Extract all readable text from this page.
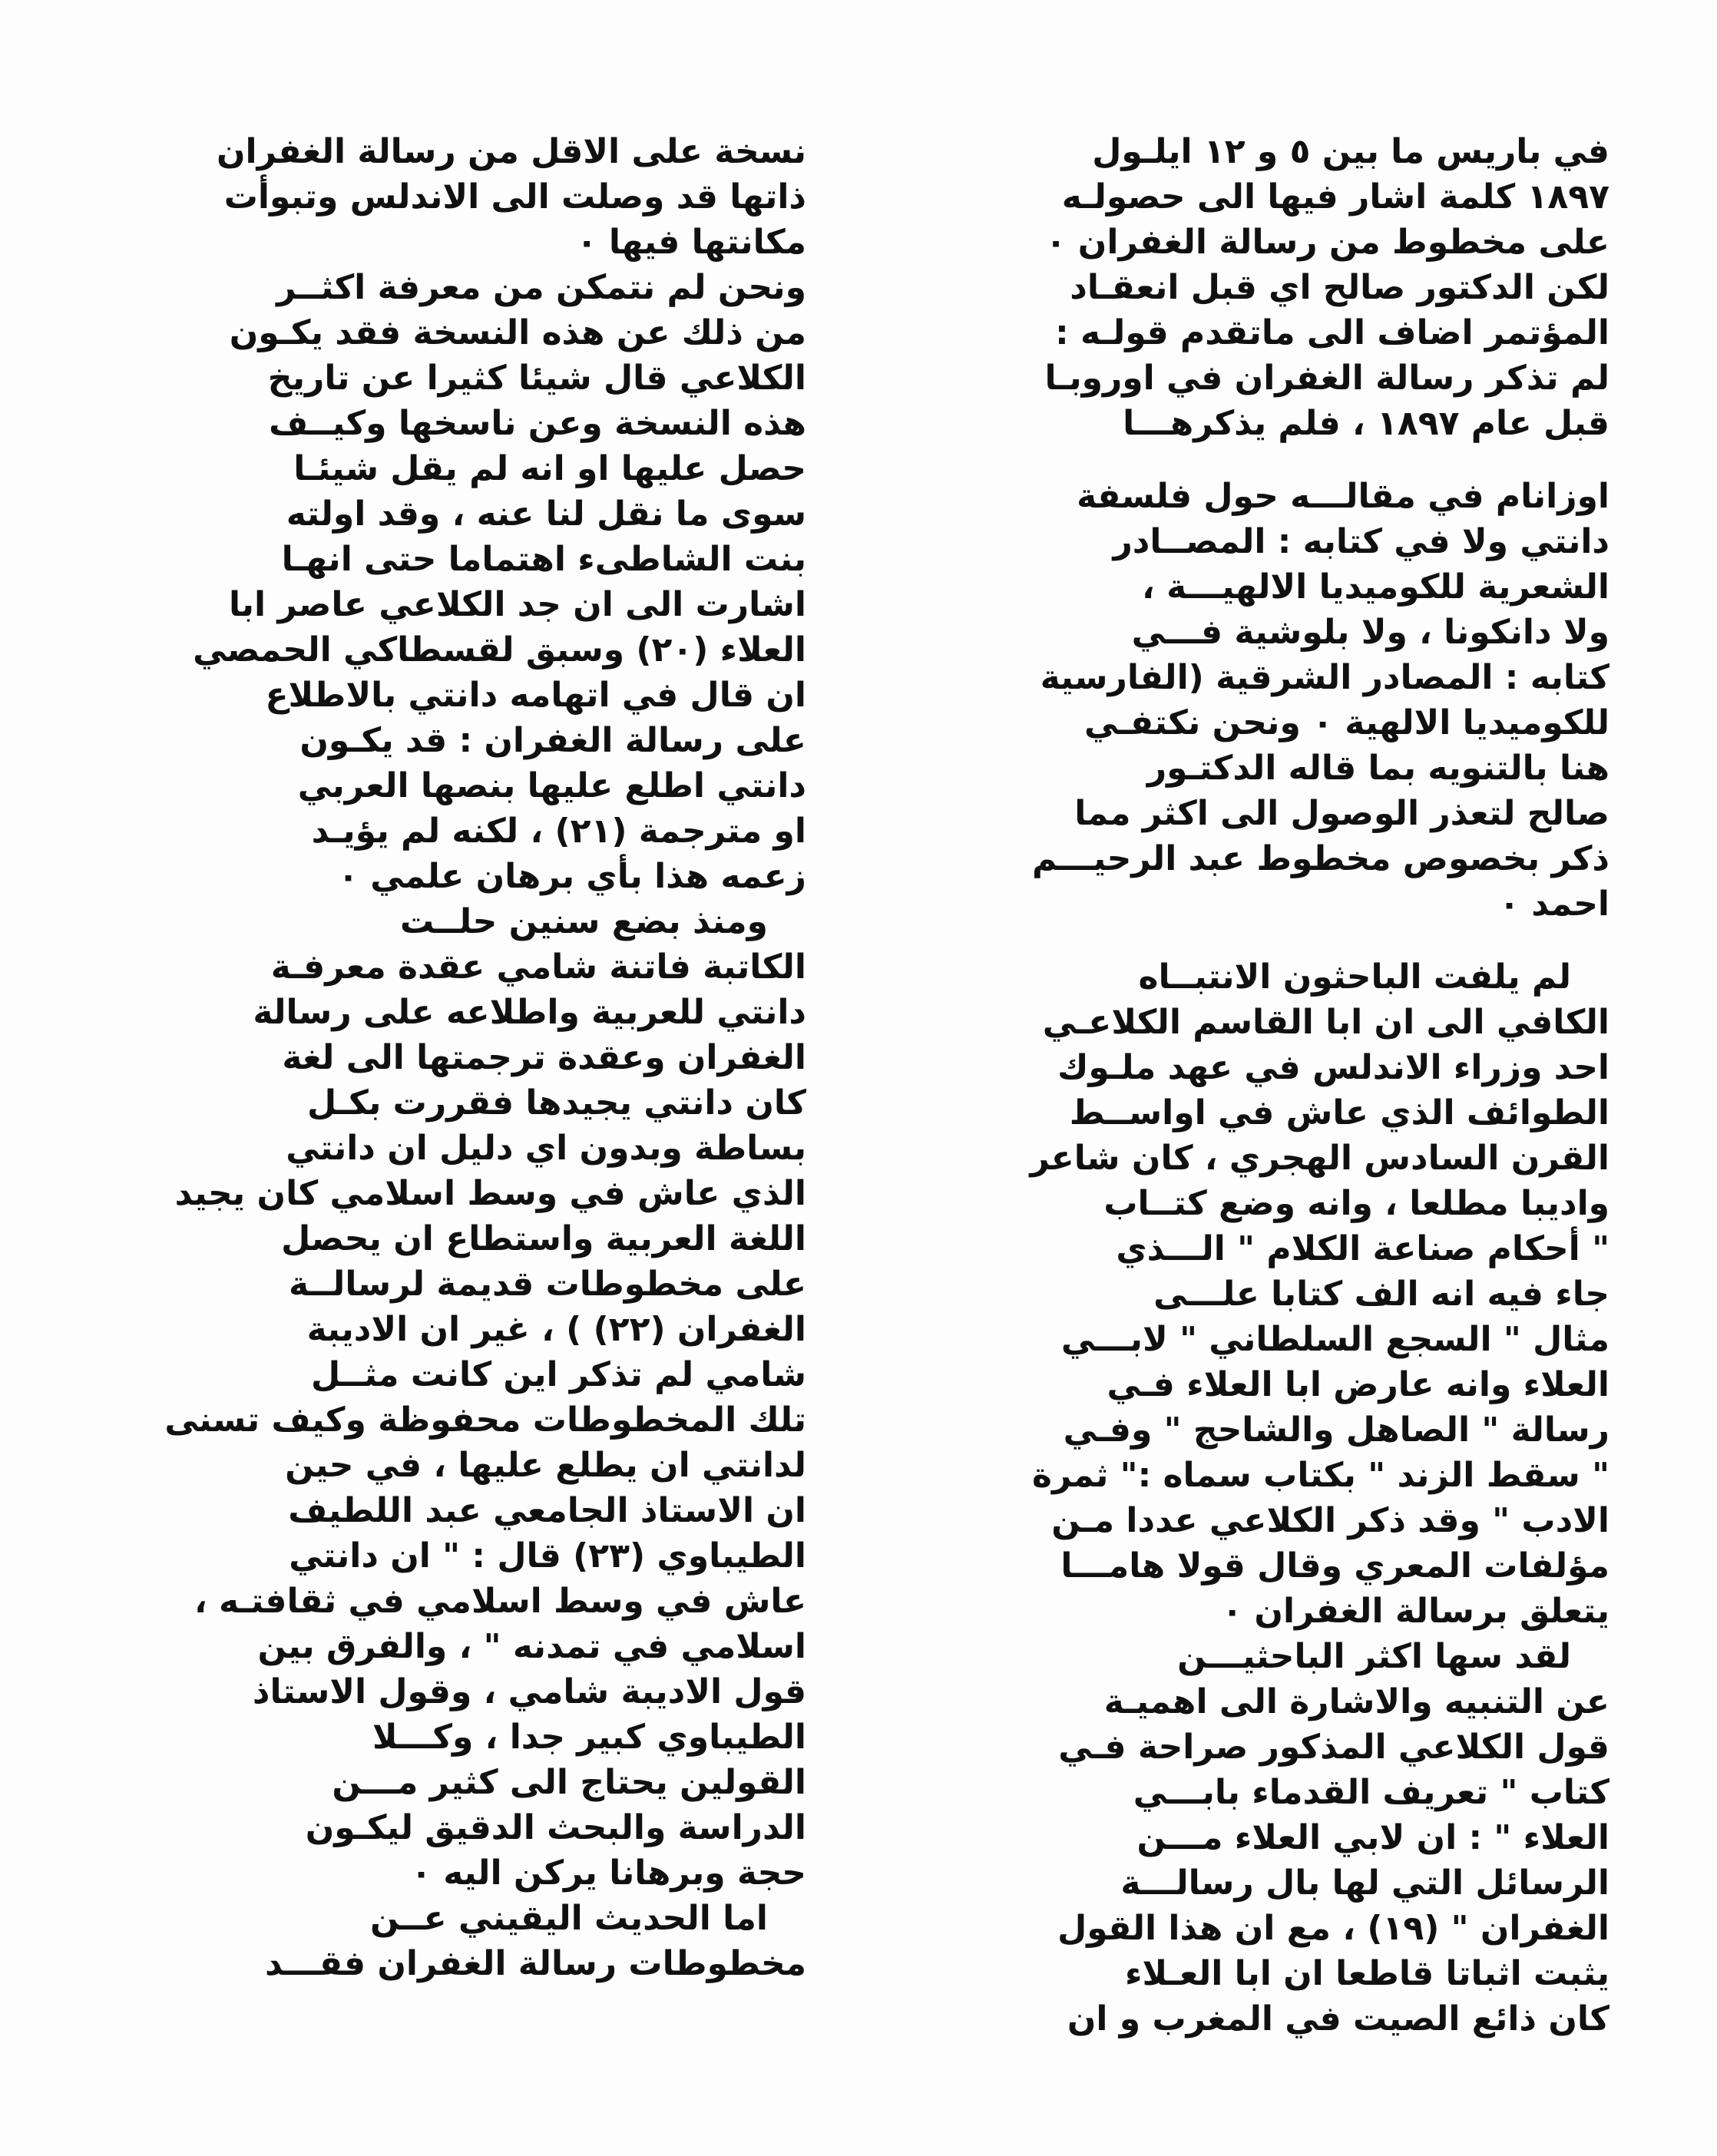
في باريس ما بين ٥ و ١٢ ايلـول
١٨٩٧ كلمة اشار فيها الى حصولـه
على مخطوط من رسالة الغفران ٠
لكن الدكتور صالح اي قبل انعقـاد
المؤتمر اضاف الى ماتقدم قولـه :
لم تذكر رسالة الغفران في اوروبـا
قبل عام ١٨٩٧ ، فلم يذكرهـــا
اوزانام في مقالـــه حول فلسفة
دانتي ولا في كتابه : المصــادر
الشعرية للكوميديا الالهيـــة ،
ولا دانكونا ، ولا بلوشية فـــي
كتابه : المصادر الشرقية (الفارسية
للكوميديا الالهية ٠ ونحن نكتفـي
هنا بالتنويه بما قاله الدكتـور
صالح لتعذر الوصول الى اكثر مما
ذكر بخصوص مخطوط عبد الرحيـــم
احمد ٠
لم يلفت الباحثون الانتبــاه
الكافي الى ان ابا القاسم الكلاعـي
احد وزراء الاندلس في عهد ملـوك
الطوائف الذي عاش في اواســط
القرن السادس الهجري ، كان شاعر
واديبا مطلعا ، وانه وضع كتــاب
" أحكام صناعة الكلام " الـــذي
جاء فيه انه الف كتابا علـــى
مثال " السجع السلطاني " لابـــي
العلاء وانه عارض ابا العلاء فـي
رسالة " الصاهل والشاحج " وفـي
" سقط الزند " بكتاب سماه :" ثمرة
الادب " وقد ذكر الكلاعي عددا مـن
مؤلفات المعري وقال قولا هامـــا
يتعلق برسالة الغفران ٠
لقد سها اكثر الباحثيـــن
عن التنبيه والاشارة الى اهميـة
قول الكلاعي المذكور صراحة فـي
كتاب " تعريف القدماء بابـــي
العلاء " : ان لابي العلاء مـــن
الرسائل التي لها بال رسالـــة
الغفران " (١٩) ، مع ان هذا القول
يثبت اثباتا قاطعا ان ابا العـلاء
كان ذائع الصيت في المغرب و ان
نسخة على الاقل من رسالة الغفران
ذاتها قد وصلت الى الاندلس وتبوأت
مكانتها فيها ٠
ونحن لم نتمكن من معرفة اكثــر
من ذلك عن هذه النسخة فقد يكـون
الكلاعي قال شيئا كثيرا عن تاريخ
هذه النسخة وعن ناسخها وكيــف
حصل عليها او انه لم يقل شيئـا
سوى ما نقل لنا عنه ، وقد اولته
بنت الشاطىء اهتماما حتى انهـا
اشارت الى ان جد الكلاعي عاصر ابا
العلاء (٢٠) وسبق لقسطاكي الحمصي
ان قال في اتهامه دانتي بالاطلاع
على رسالة الغفران : قد يكـون
دانتي اطلع عليها بنصها العربي
او مترجمة (٢١) ، لكنه لم يؤيـد
زعمه هذا بأي برهان علمي ٠
ومنذ بضع سنين حلــت
الكاتبة فاتنة شامي عقدة معرفـة
دانتي للعربية واطلاعه على رسالة
الغفران وعقدة ترجمتها الى لغة
كان دانتي يجيدها فقررت بكـل
بساطة وبدون اي دليل ان دانتي
الذي عاش في وسط اسلامي كان يجيد
اللغة العربية واستطاع ان يحصل
على مخطوطات قديمة لرسالــة
الغفران (٢٢) ) ، غير ان الاديبة
شامي لم تذكر اين كانت مثــل
تلك المخطوطات محفوظة وكيف تسنى
لدانتي ان يطلع عليها ، في حين
ان الاستاذ الجامعي عبد اللطيف
الطيباوي (٢٣) قال : " ان دانتي
عاش في وسط اسلامي في ثقافتـه ،
اسلامي في تمدنه " ، والفرق بين
قول الاديبة شامي ، وقول الاستاذ
الطيباوي كبير جدا ، وكـــلا
القولين يحتاج الى كثير مـــن
الدراسة والبحث الدقيق ليكـون
حجة وبرهانا يركن اليه ٠
اما الحديث اليقيني عــن
مخطوطات رسالة الغفران فقـــد
